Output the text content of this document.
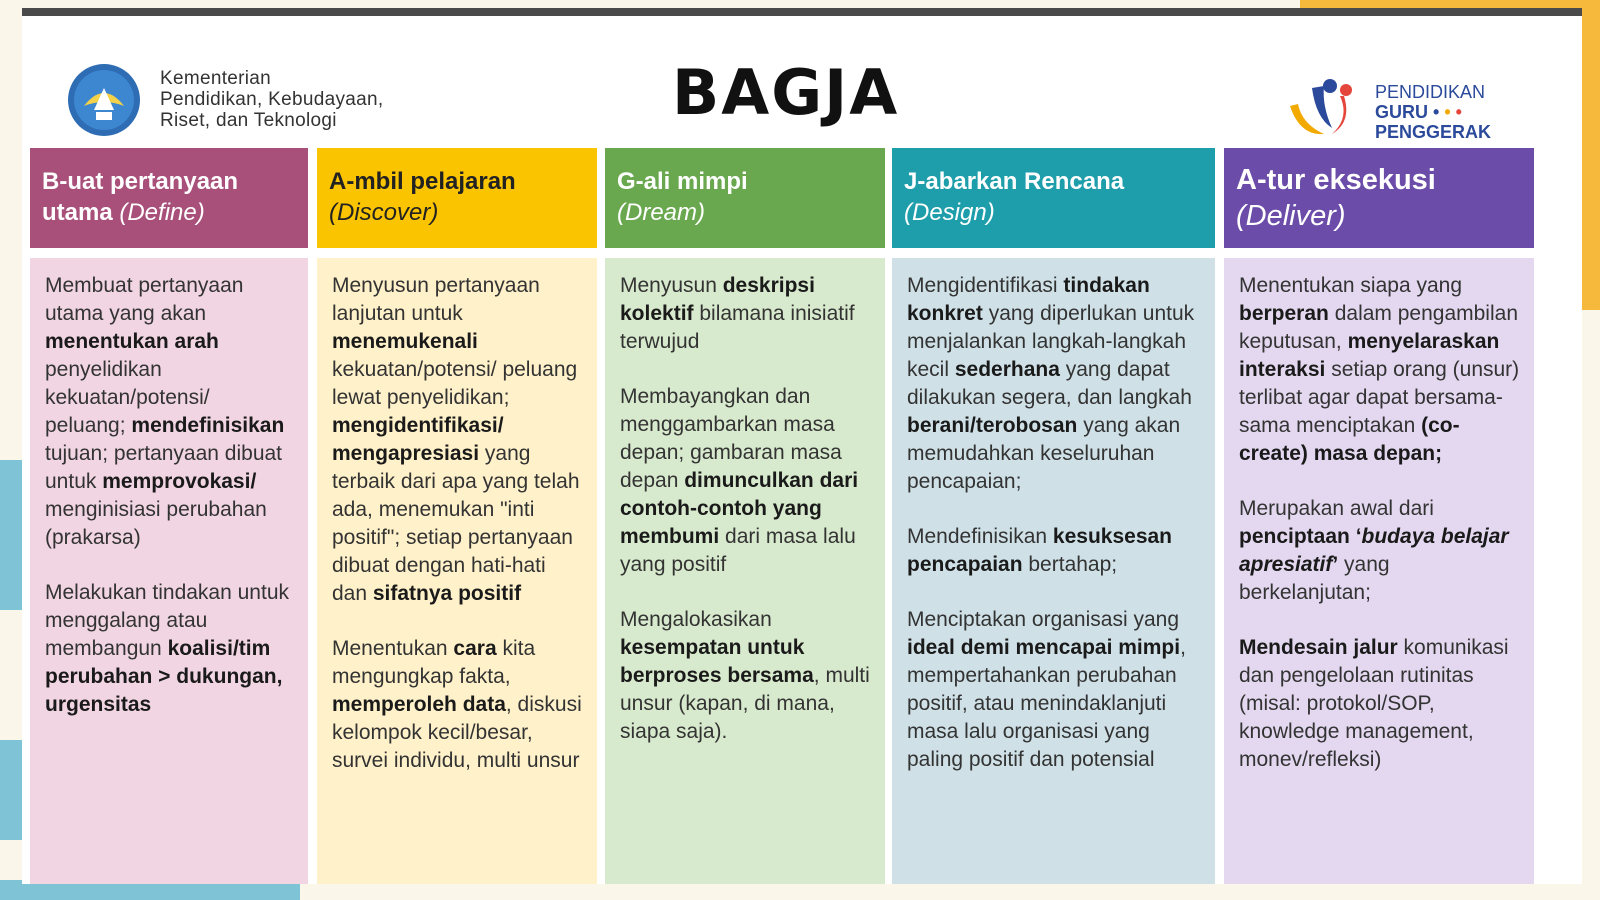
Kementerian
Pendidikan, Kebudayaan,
Riset, dan Teknologi	BAGJA	PENDIDIKAN
GURU • • •
PENGGERAK
B-uat pertanyaan utama (Define)

Membuat pertanyaan utama yang akan menentukan arah penyelidikan kekuatan/potensi/ peluang; mendefinisikan tujuan; pertanyaan dibuat untuk memprovokasi/ menginisiasi perubahan (prakarsa)

Melakukan tindakan untuk menggalang atau membangun koalisi/tim perubahan > dukungan, urgensitas

A-mbil pelajaran
(Discover)

Menyusun pertanyaan lanjutan untuk menemukenali kekuatan/potensi/ peluang lewat penyelidikan; mengidentifikasi/ mengapresiasi yang terbaik dari apa yang telah ada, menemukan "inti positif"; setiap pertanyaan dibuat dengan hati-hati dan sifatnya positif

Menentukan cara kita mengungkap fakta, memperoleh data, diskusi kelompok kecil/besar, survei individu, multi unsur

G-ali mimpi
(Dream)

Menyusun deskripsi kolektif bilamana inisiatif terwujud

Membayangkan dan menggambarkan masa depan; gambaran masa depan dimunculkan dari contoh-contoh yang membumi dari masa lalu yang positif

Mengalokasikan kesempatan untuk berproses bersama, multi unsur (kapan, di mana, siapa saja).

J-abarkan Rencana
(Design)

Mengidentifikasi tindakan konkret yang diperlukan untuk menjalankan langkah-langkah kecil sederhana yang dapat dilakukan segera, dan langkah berani/terobosan yang akan memudahkan keseluruhan pencapaian;

Mendefinisikan kesuksesan pencapaian bertahap;

Menciptakan organisasi yang ideal demi mencapai mimpi, mempertahankan perubahan positif, atau menindaklanjuti masa lalu organisasi yang paling positif dan potensial

A-tur eksekusi
(Deliver)

Menentukan siapa yang berperan dalam pengambilan keputusan, menyelaraskan interaksi setiap orang (unsur) terlibat agar dapat bersama-sama menciptakan (co-create) masa depan;

Merupakan awal dari penciptaan ‘budaya belajar apresiatif’ yang berkelanjutan;

Mendesain jalur komunikasi dan pengelolaan rutinitas (misal: protokol/SOP, knowledge management, monev/refleksi)
